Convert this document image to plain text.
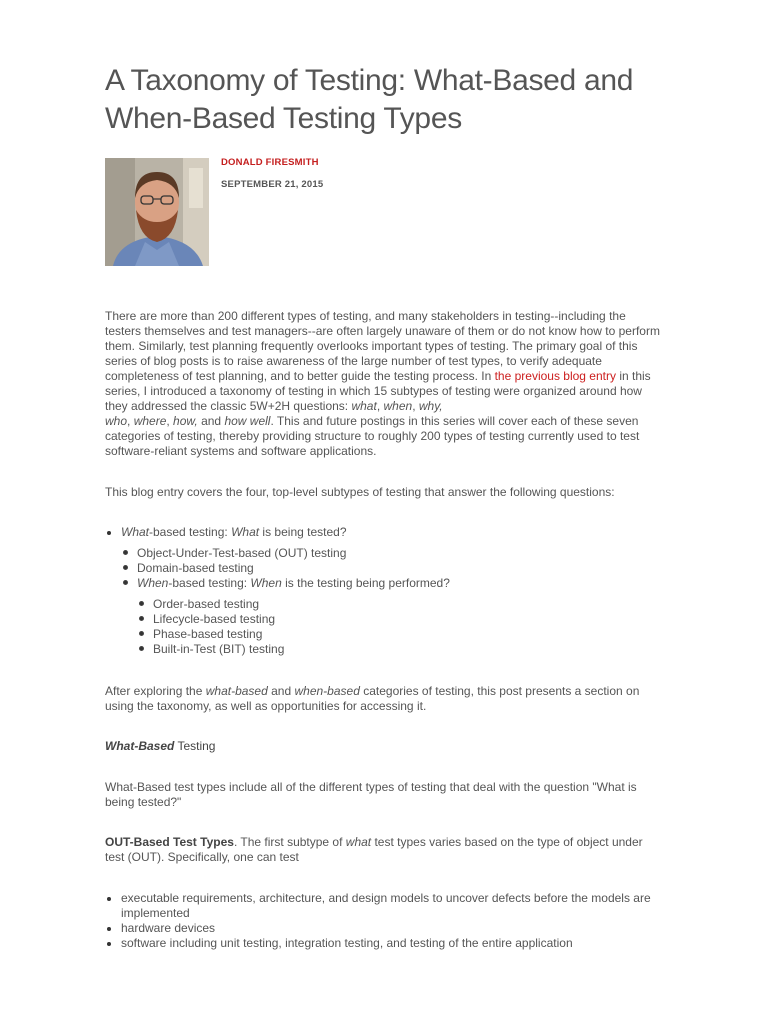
A Taxonomy of Testing: What-Based and When-Based Testing Types
DONALD FIRESMITH
SEPTEMBER 21, 2015

There are more than 200 different types of testing, and many stakeholders in testing--including the testers themselves and test managers--are often largely unaware of them or do not know how to perform them. Similarly, test planning frequently overlooks important types of testing. The primary goal of this series of blog posts is to raise awareness of the large number of test types, to verify adequate completeness of test planning, and to better guide the testing process. In the previous blog entry in this series, I introduced a taxonomy of testing in which 15 subtypes of testing were organized around how they addressed the classic 5W+2H questions: what, when, why,
who, where, how, and how well. This and future postings in this series will cover each of these seven categories of testing, thereby providing structure to roughly 200 types of testing currently used to test software-reliant systems and software applications.

This blog entry covers the four, top-level subtypes of testing that answer the following questions:

What-based testing: What is being tested?
Object-Under-Test-based (OUT) testing
Domain-based testing
When-based testing: When is the testing being performed?
Order-based testing
Lifecycle-based testing
Phase-based testing
Built-in-Test (BIT) testing

After exploring the what-based and when-based categories of testing, this post presents a section on using the taxonomy, as well as opportunities for accessing it.

What-Based Testing

What-Based test types include all of the different types of testing that deal with the question "What is being tested?"

OUT-Based Test Types. The first subtype of what test types varies based on the type of object under test (OUT). Specifically, one can test

executable requirements, architecture, and design models to uncover defects before the models are implemented
hardware devices
software including unit testing, integration testing, and testing of the entire application
